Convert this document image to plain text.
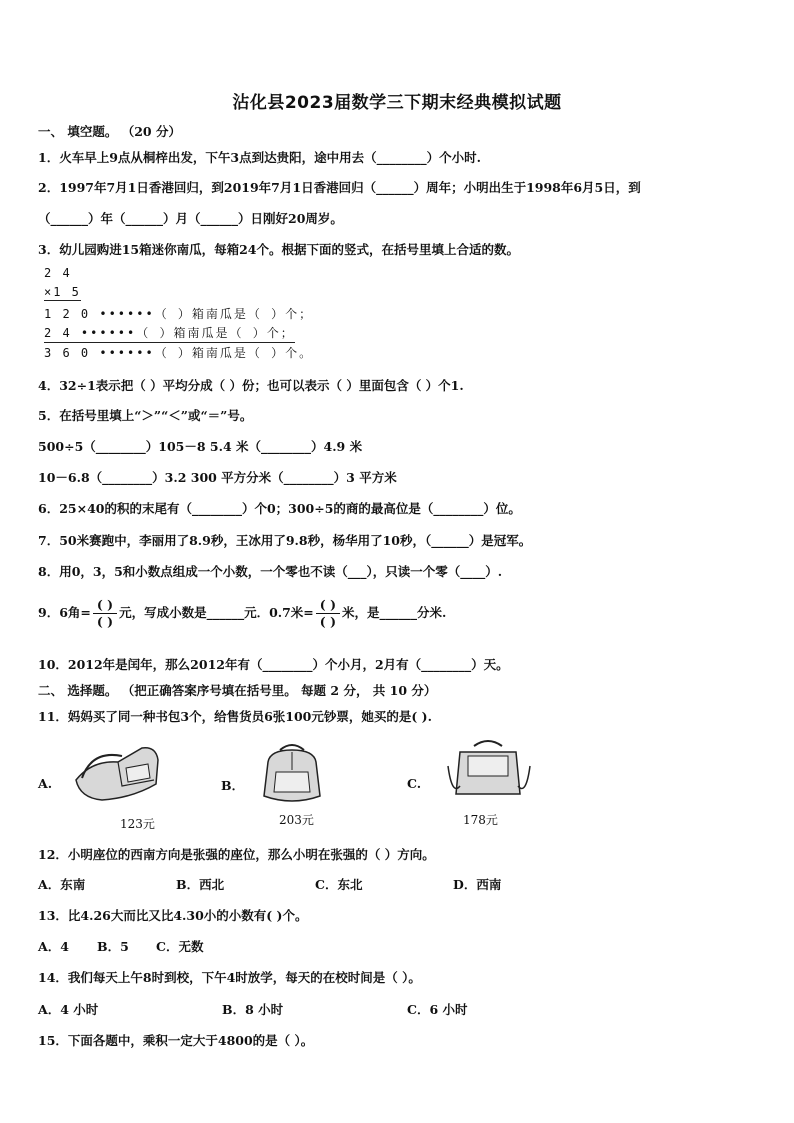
沾化县2023届数学三下期末经典模拟试题
一、 填空题。 （20 分）
1．火车早上9点从桐梓出发，下午3点到达贵阳，途中用去（________）个小时.
2．1997年7月1日香港回归，到2019年7月1日香港回归（______）周年；小明出生于1998年6月5日，到
（______）年（______）月（______）日刚好20周岁。
3．幼儿园购进15箱迷你南瓜，每箱24个。根据下面的竖式，在括号里填上合适的数。
2 4
×1 5
1 2 0 ••••••（ ）箱南瓜是（ ）个；
2 4 ••••••（ ）箱南瓜是（ ）个；
3 6 0 ••••••（ ）箱南瓜是（ ）个。
4．32÷1表示把（ ）平均分成（ ）份；也可以表示（ ）里面包含（ ）个1.
5．在括号里填上“＞”“＜”或“＝”号。
500÷5（________）105－8 5.4 米（________）4.9 米
10－6.8（________）3.2 300 平方分米（________）3 平方米
6．25×40的积的末尾有（________）个0；300÷5的商的最高位是（________）位。
7．50米赛跑中，李丽用了8.9秒，王冰用了9.8秒，杨华用了10秒，（______）是冠军。
8．用0，3，5和小数点组成一个小数，一个零也不读（___），只读一个零（____）.
9．6角= $\frac{( )}{( )}$ 元，写成小数是______元．0.7米= $\frac{( )}{( )}$ 米，是______分米.
10．2012年是闰年，那么2012年有（________）个小月，2月有（________）天。
二、 选择题。 （把正确答案序号填在括号里。 每题 2 分， 共 10 分）
11．妈妈买了同一种书包3个，给售货员6张100元钞票，她买的是( ).
A.
123元
B．
203元
C.
178元
12．小明座位的西南方向是张强的座位，那么小明在张强的（ ）方向。
A．东南	B．西北	C．东北	D．西南
13．比4.26大而比又比4.30小的小数有( )个。
A．4 B．5 C．无数
14．我们每天上午8时到校，下午4时放学，每天的在校时间是（ ）。
A．4 小时	B．8 小时	C．6 小时
15．下面各题中，乘积一定大于4800的是（ ）。
